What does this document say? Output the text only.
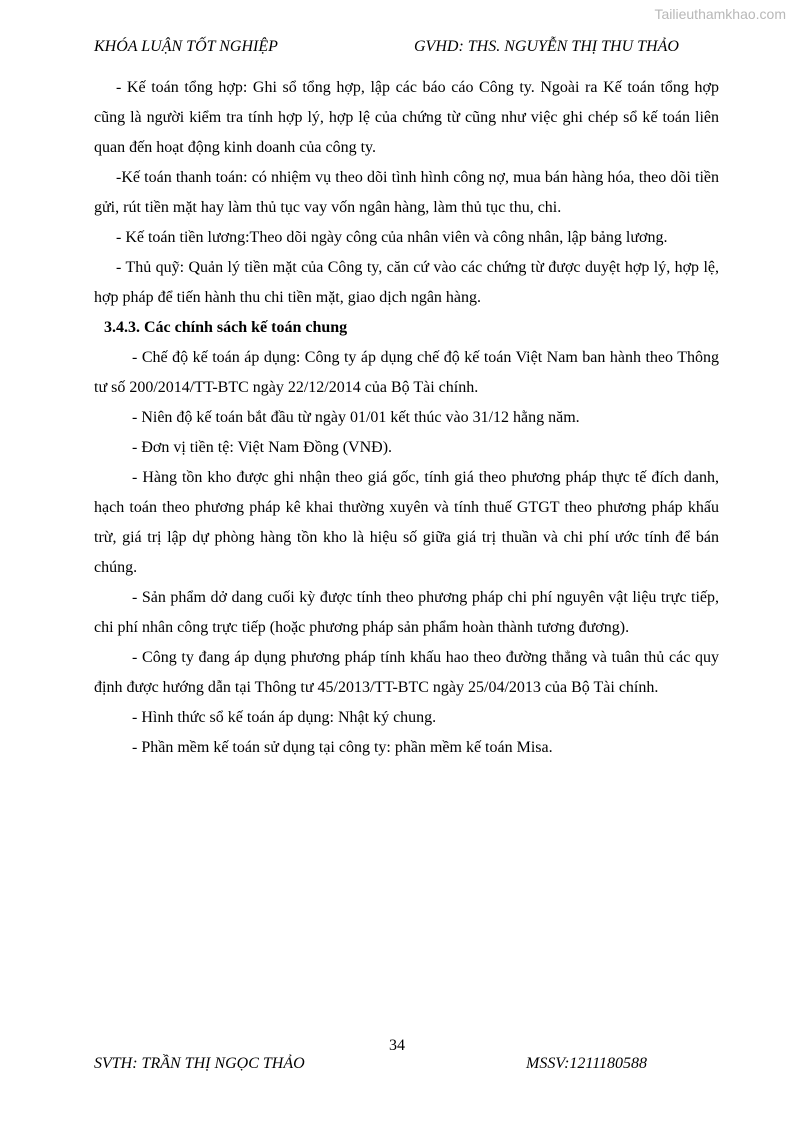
Tailieuthamkhao.com
KHÓA LUẬN TỐT NGHIỆP	GVHD: THS. NGUYỄN THỊ THU THẢO

- Kế toán tổng hợp: Ghi sổ tổng hợp, lập các báo cáo Công ty. Ngoài ra Kế toán tổng hợp cũng là người kiểm tra tính hợp lý, hợp lệ của chứng từ cũng như việc ghi chép sổ kế toán liên quan đến hoạt động kinh doanh của công ty.

-Kế toán thanh toán: có nhiệm vụ theo dõi tình hình công nợ, mua bán hàng hóa, theo dõi tiền gửi, rút tiền mặt hay làm thủ tục vay vốn ngân hàng, làm thủ tục thu, chi.

- Kế toán tiền lương:Theo dõi ngày công của nhân viên và công nhân, lập bảng lương.

- Thủ quỹ: Quản lý tiền mặt của Công ty, căn cứ vào các chứng từ được duyệt hợp lý, hợp lệ, hợp pháp để tiến hành thu chi tiền mặt, giao dịch ngân hàng.

3.4.3. Các chính sách kế toán chung

- Chế độ kế toán áp dụng: Công ty áp dụng chế độ kế toán Việt Nam ban hành theo Thông tư số 200/2014/TT-BTC ngày 22/12/2014 của Bộ Tài chính.

- Niên độ kế toán bắt đầu từ ngày 01/01 kết thúc vào 31/12 hằng năm.

- Đơn vị tiền tệ: Việt Nam Đồng (VNĐ).

- Hàng tồn kho được ghi nhận theo giá gốc, tính giá theo phương pháp thực tế đích danh, hạch toán theo phương pháp kê khai thường xuyên và tính thuế GTGT theo phương pháp khấu trừ, giá trị lập dự phòng hàng tồn kho là hiệu số giữa giá trị thuần và chi phí ước tính để bán chúng.

- Sản phẩm dở dang cuối kỳ được tính theo phương pháp chi phí nguyên vật liệu trực tiếp, chi phí nhân công trực tiếp (hoặc phương pháp sản phẩm hoàn thành tương đương).

- Công ty đang áp dụng phương pháp tính khấu hao theo đường thẳng và tuân thủ các quy định được hướng dẫn tại Thông tư 45/2013/TT-BTC ngày 25/04/2013 của Bộ Tài chính.

- Hình thức sổ kế toán áp dụng: Nhật ký chung.

- Phần mềm kế toán sử dụng tại công ty: phần mềm kế toán Misa.

34
SVTH: TRẦN THỊ NGỌC THẢO	MSSV:1211180588
